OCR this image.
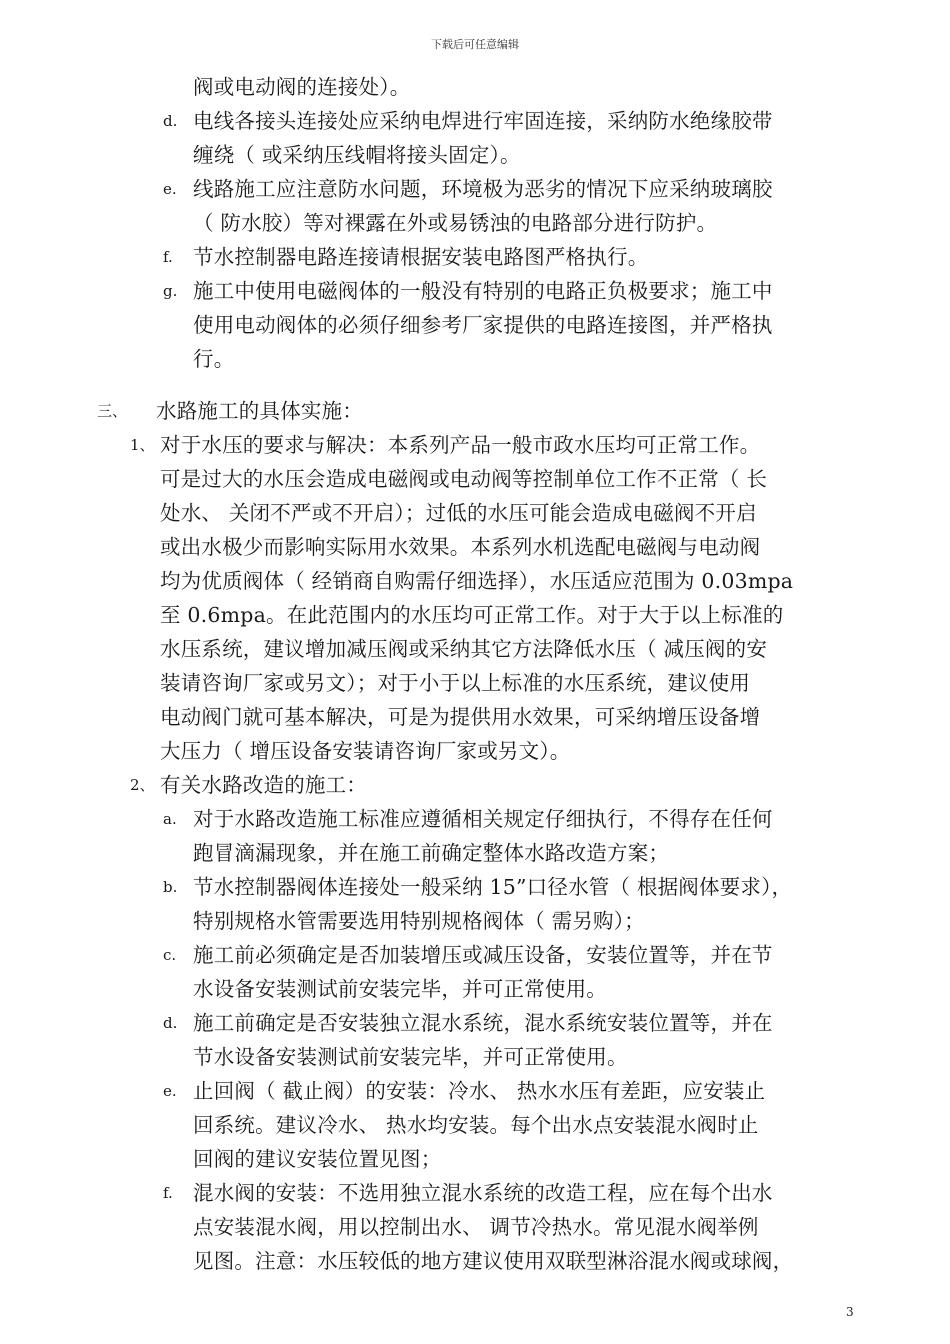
下载后可任意编辑
阀或电动阀的连接处）。
d. 电线各接头连接处应采纳电焊进行牢固连接，采纳防水绝缘胶带
缠绕（ 或采纳压线帽将接头固定）。
e. 线路施工应注意防水问题，环境极为恶劣的情况下应采纳玻璃胶
（ 防水胶）等对裸露在外或易锈浊的电路部分进行防护。
f. 节水控制器电路连接请根据安装电路图严格执行。
g. 施工中使用电磁阀体的一般没有特别的电路正负极要求；施工中
使用电动阀体的必须仔细参考厂家提供的电路连接图，并严格执
行。
三、 水路施工的具体实施：
1、 对于水压的要求与解决：本系列产品一般市政水压均可正常工作。
可是过大的水压会造成电磁阀或电动阀等控制单位工作不正常（ 长
处水、 关闭不严或不开启）；过低的水压可能会造成电磁阀不开启
或出水极少而影响实际用水效果。本系列水机选配电磁阀与电动阀
均为优质阀体（ 经销商自购需仔细选择），水压适应范围为 0.03mpa
至 0.6mpa。在此范围内的水压均可正常工作。对于大于以上标准的
水压系统，建议增加减压阀或采纳其它方法降低水压（ 减压阀的安
装请咨询厂家或另文）；对于小于以上标准的水压系统，建议使用
电动阀门就可基本解决，可是为提供用水效果，可采纳增压设备增
大压力（ 增压设备安装请咨询厂家或另文）。
2、 有关水路改造的施工：
a. 对于水路改造施工标准应遵循相关规定仔细执行，不得存在任何
跑冒滴漏现象，并在施工前确定整体水路改造方案；
b. 节水控制器阀体连接处一般采纳 15”口径水管（ 根据阀体要求），
特别规格水管需要选用特别规格阀体（ 需另购）；
c. 施工前必须确定是否加装增压或减压设备，安装位置等，并在节
水设备安装测试前安装完毕，并可正常使用。
d. 施工前确定是否安装独立混水系统，混水系统安装位置等，并在
节水设备安装测试前安装完毕，并可正常使用。
e. 止回阀（ 截止阀）的安装：冷水、 热水水压有差距，应安装止
回系统。建议冷水、 热水均安装。每个出水点安装混水阀时止
回阀的建议安装位置见图；
f. 混水阀的安装：不选用独立混水系统的改造工程，应在每个出水
点安装混水阀，用以控制出水、 调节冷热水。常见混水阀举例
见图。注意：水压较低的地方建议使用双联型淋浴混水阀或球阀，
3
